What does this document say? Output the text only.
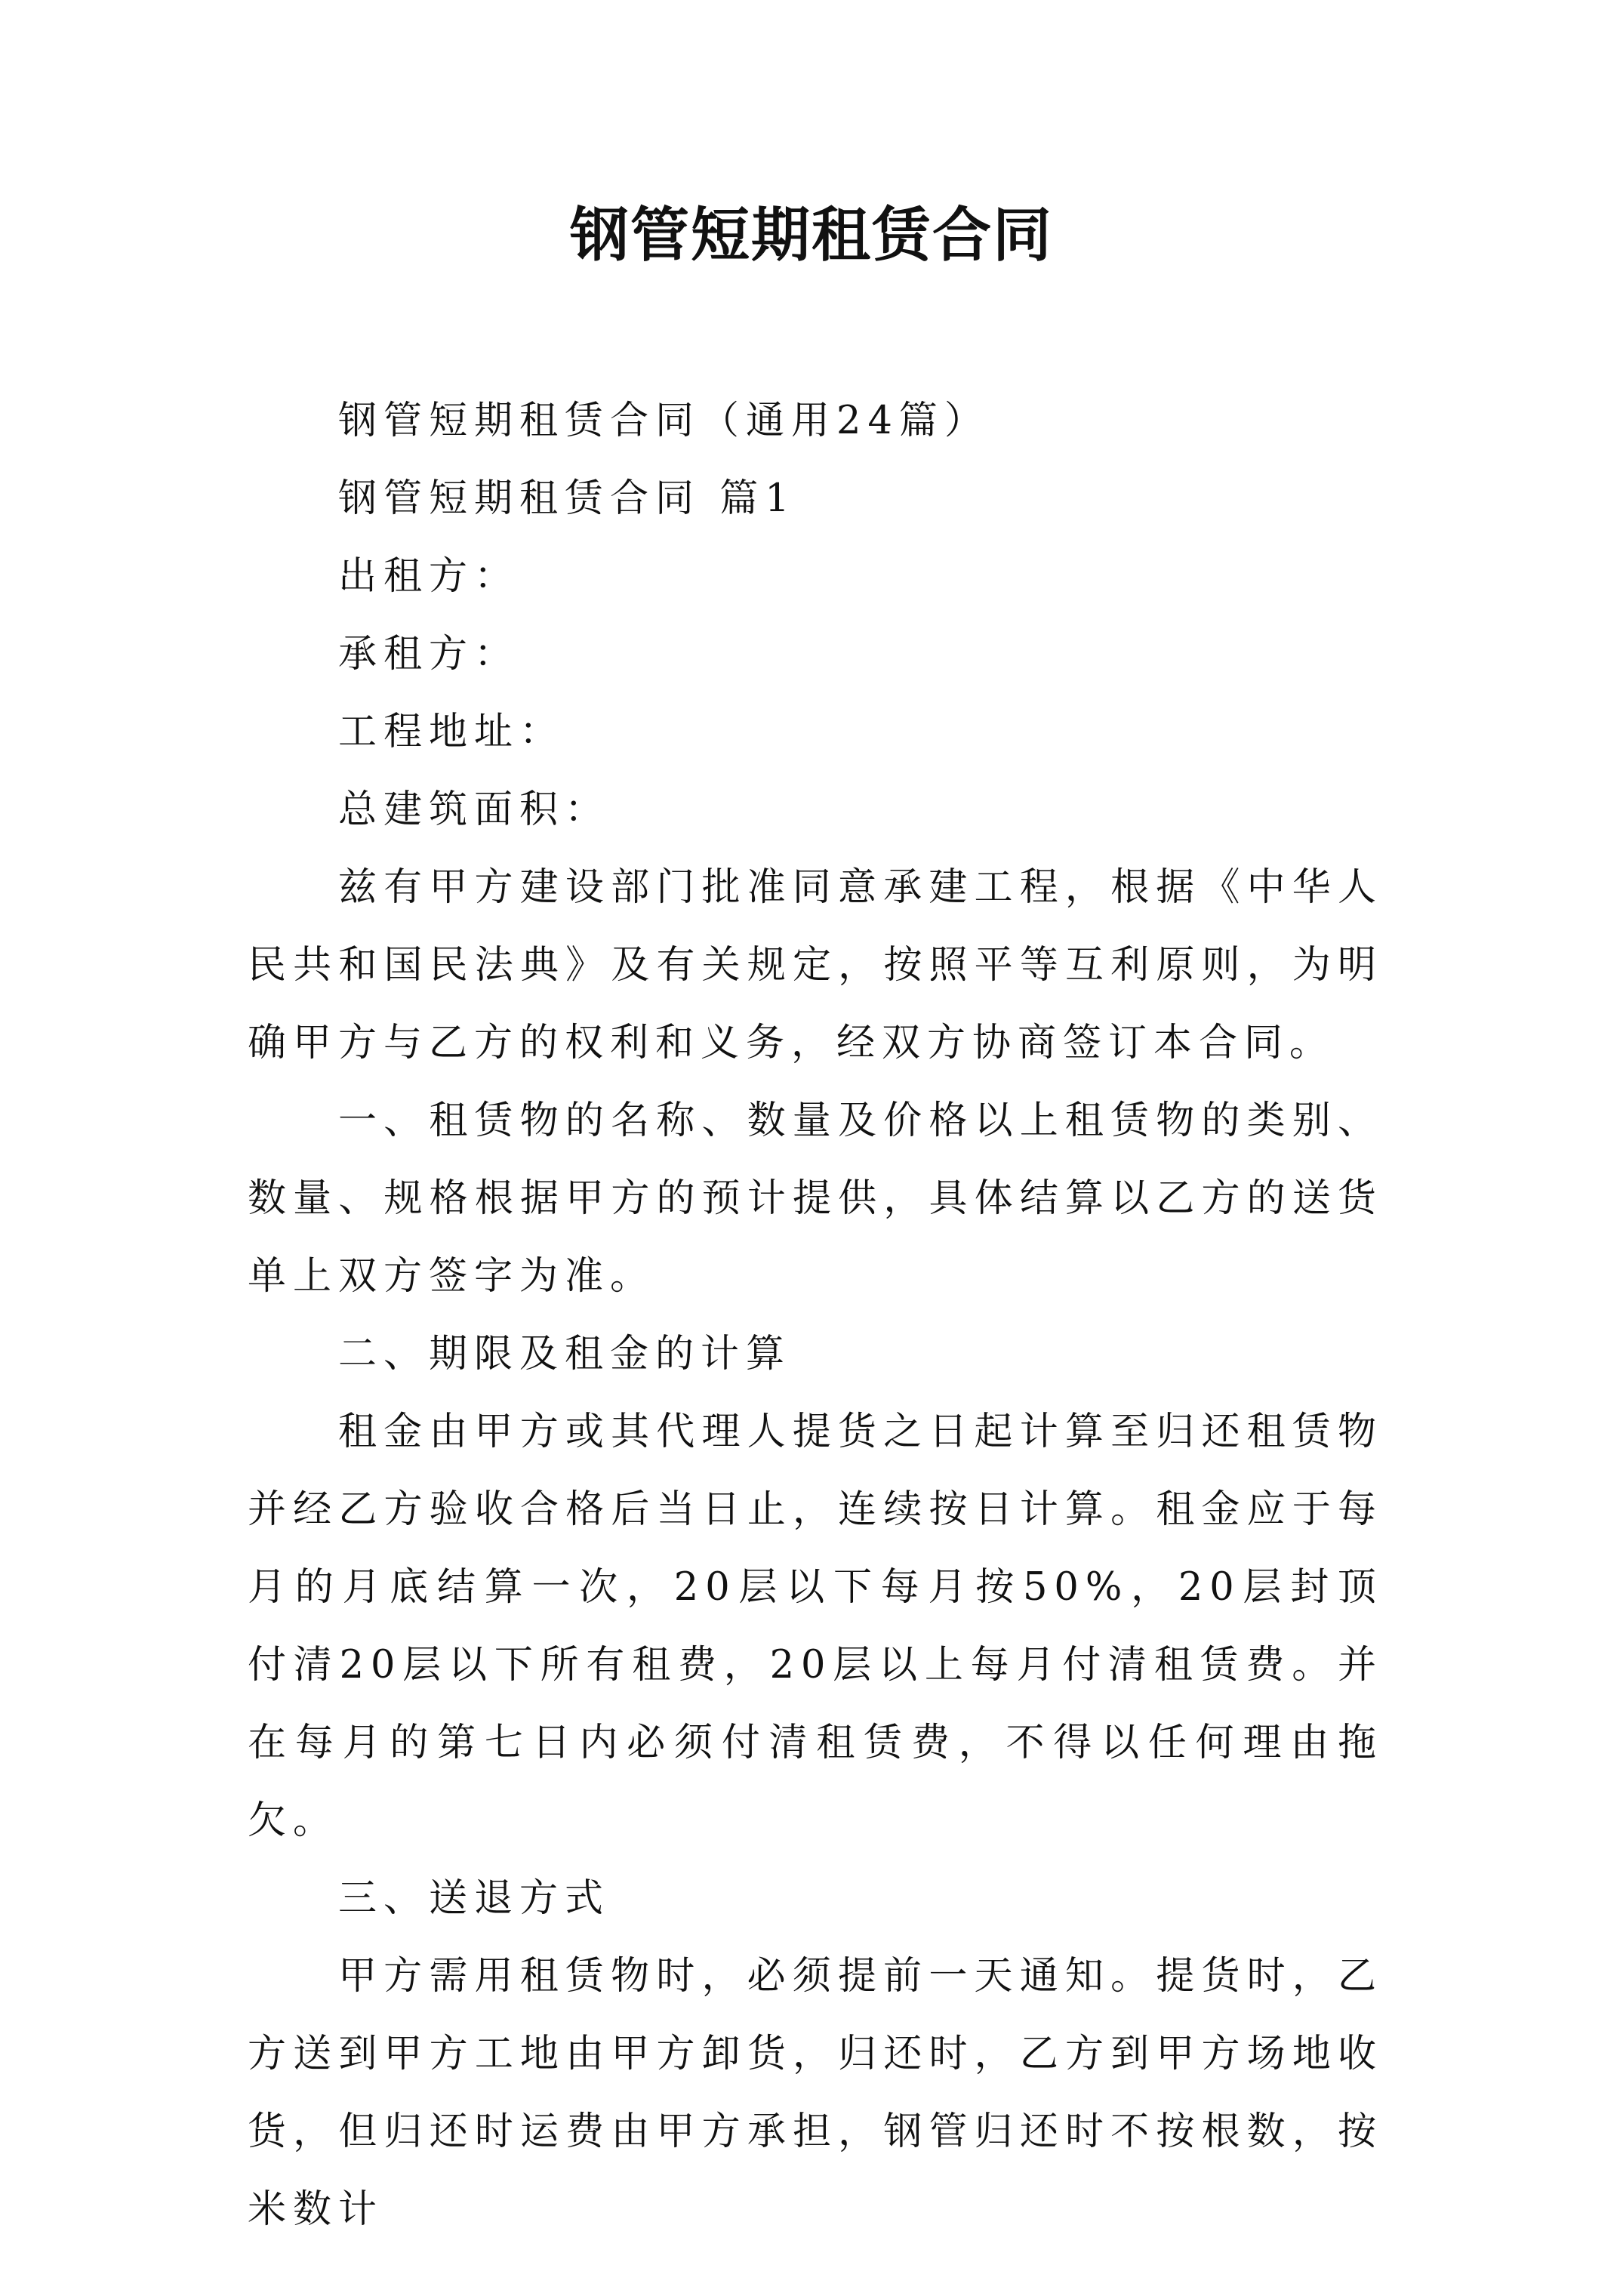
钢管短期租赁合同

钢管短期租赁合同（通用24篇）

钢管短期租赁合同 篇1

出租方：

承租方：

工程地址：

总建筑面积：

兹有甲方建设部门批准同意承建工程，根据《中华人民共和国民法典》及有关规定，按照平等互利原则，为明确甲方与乙方的权利和义务，经双方协商签订本合同。

一、租赁物的名称、数量及价格以上租赁物的类别、数量、规格根据甲方的预计提供，具体结算以乙方的送货单上双方签字为准。

二、期限及租金的计算

租金由甲方或其代理人提货之日起计算至归还租赁物并经乙方验收合格后当日止，连续按日计算。租金应于每月的月底结算一次，20层以下每月按50%，20层封顶付清20层以下所有租费，20层以上每月付清租赁费。并在每月的第七日内必须付清租赁费，不得以任何理由拖欠。

三、送退方式

甲方需用租赁物时，必须提前一天通知。提货时，乙方送到甲方工地由甲方卸货，归还时，乙方到甲方场地收货，但归还时运费由甲方承担，钢管归还时不按根数，按米数计
